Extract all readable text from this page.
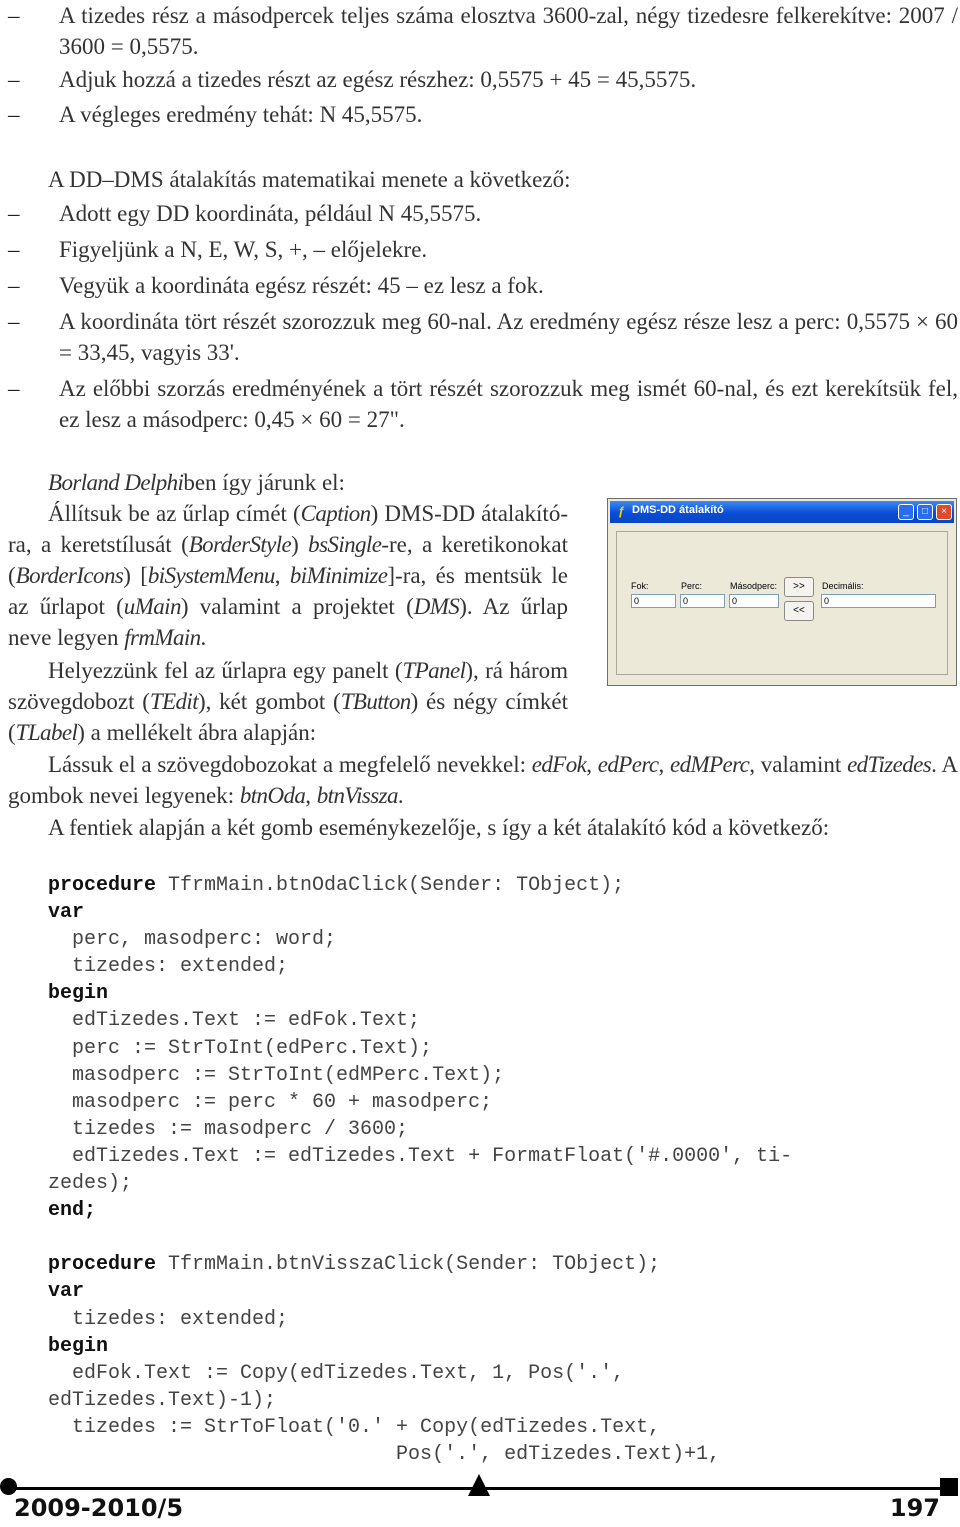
– A tizedes rész a másodpercek teljes száma elosztva 3600-zal, négy tizedesre felkerekítve: 2007 / 3600 = 0,5575.
– Adjuk hozzá a tizedes részt az egész részhez: 0,5575 + 45 = 45,5575.
– A végleges eredmény tehát: N 45,5575.
A DD–DMS átalakítás matematikai menete a következő:
– Adott egy DD koordináta, például N 45,5575.
– Figyeljünk a N, E, W, S, +, – előjelekre.
– Vegyük a koordináta egész részét: 45 – ez lesz a fok.
– A koordináta tört részét szorozzuk meg 60-nal. Az eredmény egész része lesz a perc: 0,5575 × 60 = 33,45, vagyis 33'.
– Az előbbi szorzás eredményének a tört részét szorozzuk meg ismét 60-nal, és ezt kerekítsük fel, ez lesz a másodperc: 0,45 × 60 = 27".
Borland Delphiben így járunk el:
Állítsuk be az űrlap címét (Caption) DMS-DD átalakító-ra, a keretstílusát (BorderStyle) bsSingle-re, a keretikonokat (BorderIcons) [biSystemMenu, biMinimize]-ra, és mentsük le az űrlapot (uMain) valamint a projektet (DMS). Az űrlap neve legyen frmMain.
Helyezzünk fel az űrlapra egy panelt (TPanel), rá három szövegdobozt (TEdit), két gombot (TButton) és négy címkét (TLabel) a mellékelt ábra alapján:
Lássuk el a szövegdobozokat a megfelelő nevekkel: edFok, edPerc, edMPerc, valamint edTizedes. A gombok nevei legyenek: btnOda, btnVissza.
A fentiek alapján a két gomb eseménykezelője, s így a két átalakító kód a következő:
ƒ DMS-DD átalakító	_	□	×
Fok:	Perc:	Másodperc:	Decimális:
0	0	0	0
>>
<<
procedure TfrmMain.btnOdaClick(Sender: TObject);
var
perc, masodperc: word;
tizedes: extended;
begin
edTizedes.Text := edFok.Text;
perc := StrToInt(edPerc.Text);
masodperc := StrToInt(edMPerc.Text);
masodperc := perc * 60 + masodperc;
tizedes := masodperc / 3600;
edTizedes.Text := edTizedes.Text + FormatFloat('#.0000', ti-
zedes);
end;

procedure TfrmMain.btnVisszaClick(Sender: TObject);
var
tizedes: extended;
begin
edFok.Text := Copy(edTizedes.Text, 1, Pos('.',
edTizedes.Text)-1);
tizedes := StrToFloat('0.' + Copy(edTizedes.Text,
Pos('.', edTizedes.Text)+1,
2009-2010/5	197
